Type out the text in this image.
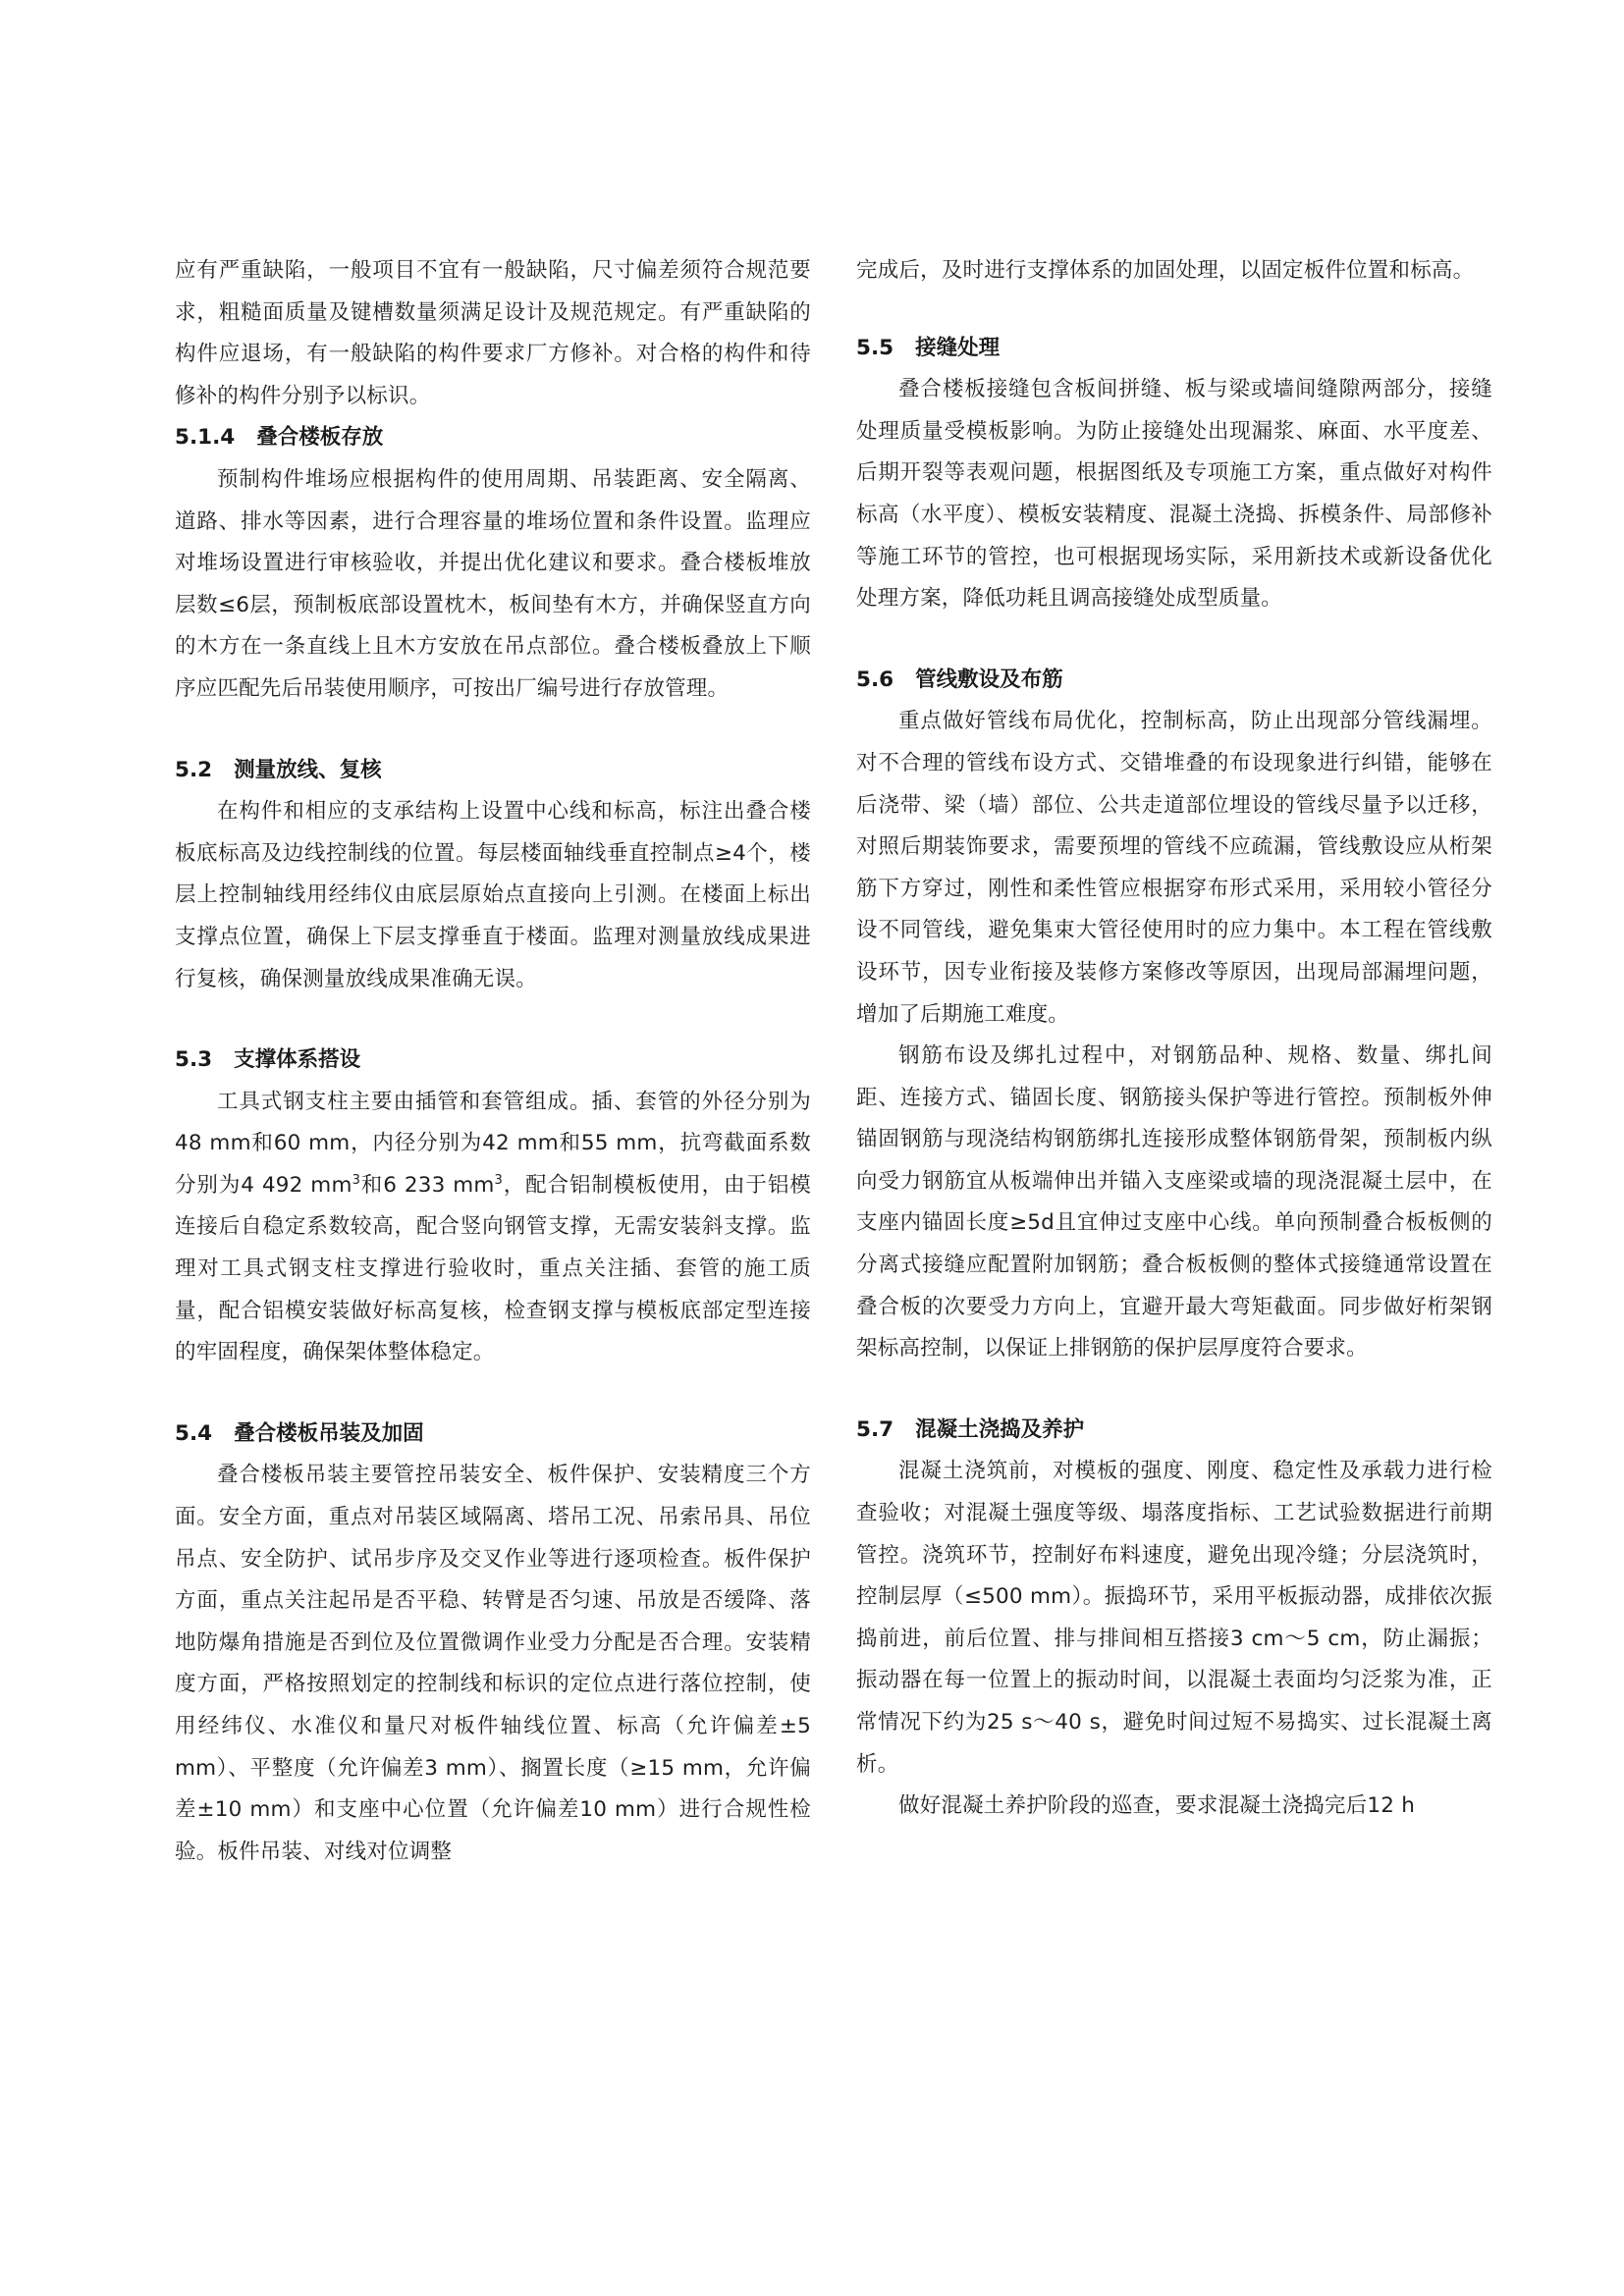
应有严重缺陷，一般项目不宜有一般缺陷，尺寸偏差须符合规范要求，粗糙面质量及键槽数量须满足设计及规范规定。有严重缺陷的构件应退场，有一般缺陷的构件要求厂方修补。对合格的构件和待修补的构件分别予以标识。

5.1.4 叠合楼板存放

预制构件堆场应根据构件的使用周期、吊装距离、安全隔离、道路、排水等因素，进行合理容量的堆场位置和条件设置。监理应对堆场设置进行审核验收，并提出优化建议和要求。叠合楼板堆放层数≤6层，预制板底部设置枕木，板间垫有木方，并确保竖直方向的木方在一条直线上且木方安放在吊点部位。叠合楼板叠放上下顺序应匹配先后吊装使用顺序，可按出厂编号进行存放管理。

5.2 测量放线、复核

在构件和相应的支承结构上设置中心线和标高，标注出叠合楼板底标高及边线控制线的位置。每层楼面轴线垂直控制点≥4个，楼层上控制轴线用经纬仪由底层原始点直接向上引测。在楼面上标出支撑点位置，确保上下层支撑垂直于楼面。监理对测量放线成果进行复核，确保测量放线成果准确无误。

5.3 支撑体系搭设

工具式钢支柱主要由插管和套管组成。插、套管的外径分别为48 mm和60 mm，内径分别为42 mm和55 mm，抗弯截面系数分别为4 492 $mm^3$和6 233 $mm^3$，配合铝制模板使用，由于铝模连接后自稳定系数较高，配合竖向钢管支撑，无需安装斜支撑。监理对工具式钢支柱支撑进行验收时，重点关注插、套管的施工质量，配合铝模安装做好标高复核，检查钢支撑与模板底部定型连接的牢固程度，确保架体整体稳定。

5.4 叠合楼板吊装及加固

叠合楼板吊装主要管控吊装安全、板件保护、安装精度三个方面。安全方面，重点对吊装区域隔离、塔吊工况、吊索吊具、吊位吊点、安全防护、试吊步序及交叉作业等进行逐项检查。板件保护方面，重点关注起吊是否平稳、转臂是否匀速、吊放是否缓降、落地防爆角措施是否到位及位置微调作业受力分配是否合理。安装精度方面，严格按照划定的控制线和标识的定位点进行落位控制，使用经纬仪、水准仪和量尺对板件轴线位置、标高（允许偏差±5 mm）、平整度（允许偏差3 mm）、搁置长度（≥15 mm，允许偏差±10 mm）和支座中心位置（允许偏差10 mm）进行合规性检验。板件吊装、对线对位调整

完成后，及时进行支撑体系的加固处理，以固定板件位置和标高。

5.5 接缝处理

叠合楼板接缝包含板间拼缝、板与梁或墙间缝隙两部分，接缝处理质量受模板影响。为防止接缝处出现漏浆、麻面、水平度差、后期开裂等表观问题，根据图纸及专项施工方案，重点做好对构件标高（水平度）、模板安装精度、混凝土浇捣、拆模条件、局部修补等施工环节的管控，也可根据现场实际，采用新技术或新设备优化处理方案，降低功耗且调高接缝处成型质量。

5.6 管线敷设及布筋

重点做好管线布局优化，控制标高，防止出现部分管线漏埋。对不合理的管线布设方式、交错堆叠的布设现象进行纠错，能够在后浇带、梁（墙）部位、公共走道部位埋设的管线尽量予以迁移，对照后期装饰要求，需要预埋的管线不应疏漏，管线敷设应从桁架筋下方穿过，刚性和柔性管应根据穿布形式采用，采用较小管径分设不同管线，避免集束大管径使用时的应力集中。本工程在管线敷设环节，因专业衔接及装修方案修改等原因，出现局部漏埋问题，增加了后期施工难度。

钢筋布设及绑扎过程中，对钢筋品种、规格、数量、绑扎间距、连接方式、锚固长度、钢筋接头保护等进行管控。预制板外伸锚固钢筋与现浇结构钢筋绑扎连接形成整体钢筋骨架，预制板内纵向受力钢筋宜从板端伸出并锚入支座梁或墙的现浇混凝土层中，在支座内锚固长度≥5d且宜伸过支座中心线。单向预制叠合板板侧的分离式接缝应配置附加钢筋；叠合板板侧的整体式接缝通常设置在叠合板的次要受力方向上，宜避开最大弯矩截面。同步做好桁架钢架标高控制，以保证上排钢筋的保护层厚度符合要求。

5.7 混凝土浇捣及养护

混凝土浇筑前，对模板的强度、刚度、稳定性及承载力进行检查验收；对混凝土强度等级、塌落度指标、工艺试验数据进行前期管控。浇筑环节，控制好布料速度，避免出现冷缝；分层浇筑时，控制层厚（≤500 mm）。振捣环节，采用平板振动器，成排依次振捣前进，前后位置、排与排间相互搭接3 cm～5 cm，防止漏振；振动器在每一位置上的振动时间，以混凝土表面均匀泛浆为准，正常情况下约为25 s～40 s，避免时间过短不易捣实、过长混凝土离析。

做好混凝土养护阶段的巡查，要求混凝土浇捣完后12 h
